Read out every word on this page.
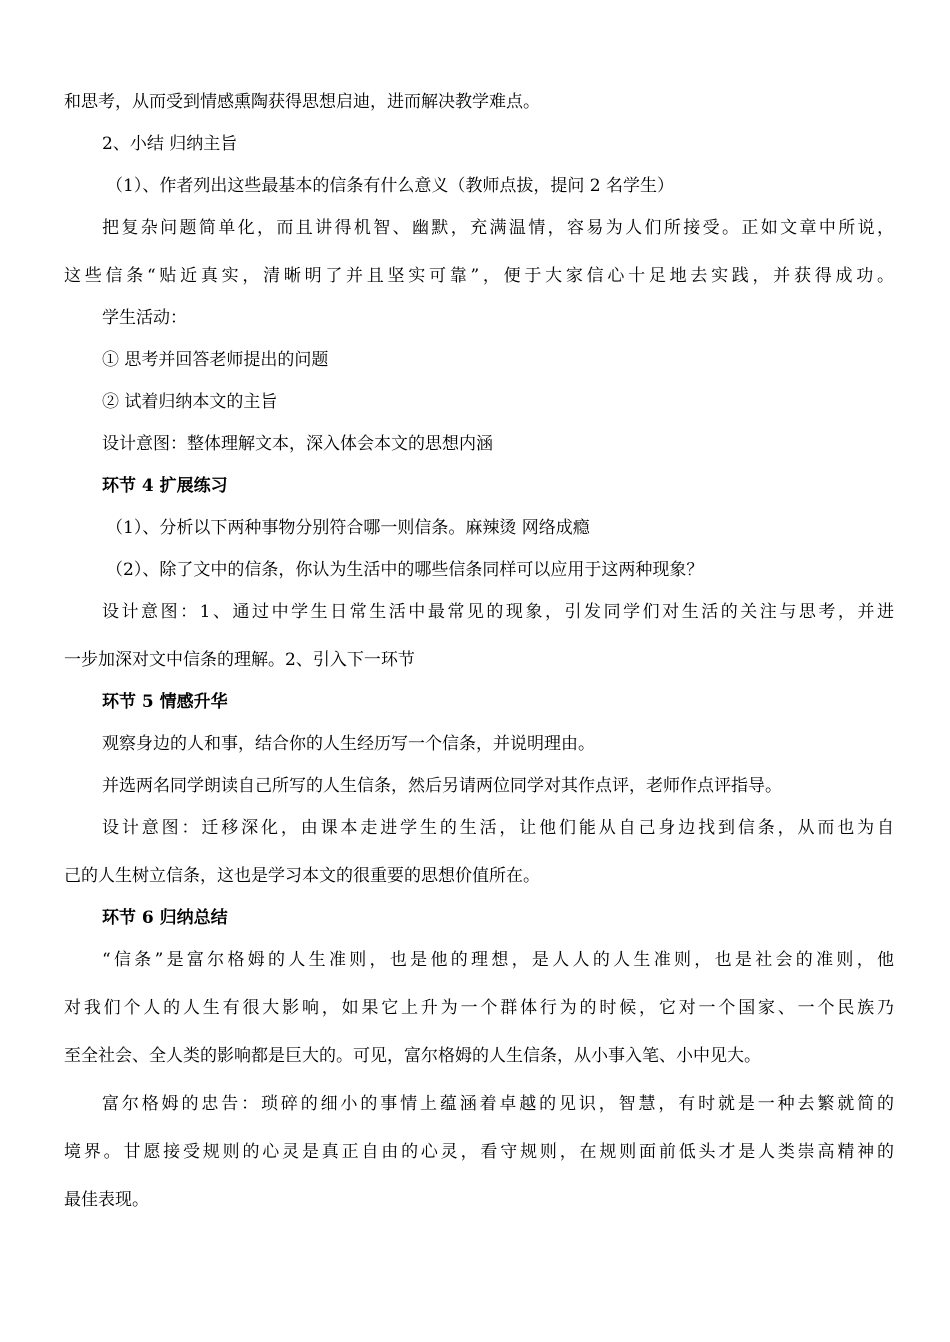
和思考，从而受到情感熏陶获得思想启迪，进而解决教学难点。

2、小结 归纳主旨

（1）、作者列出这些最基本的信条有什么意义（教师点拔，提问 2 名学生）

把复杂问题简单化，而且讲得机智、幽默，充满温情，容易为人们所接受。正如文章中所说，

这些信条“贴近真实，清晰明了并且坚实可靠”，便于大家信心十足地去实践，并获得成功。

学生活动：

① 思考并回答老师提出的问题

② 试着归纳本文的主旨

设计意图：整体理解文本，深入体会本文的思想内涵

环节 4 扩展练习

（1）、分析以下两种事物分别符合哪一则信条。麻辣烫 网络成瘾

（2）、除了文中的信条，你认为生活中的哪些信条同样可以应用于这两种现象？

设计意图：1、通过中学生日常生活中最常见的现象，引发同学们对生活的关注与思考，并进

一步加深对文中信条的理解。2、引入下一环节

环节 5 情感升华

观察身边的人和事，结合你的人生经历写一个信条，并说明理由。

并选两名同学朗读自己所写的人生信条，然后另请两位同学对其作点评，老师作点评指导。

设计意图：迁移深化，由课本走进学生的生活，让他们能从自己身边找到信条，从而也为自

己的人生树立信条，这也是学习本文的很重要的思想价值所在。

环节 6 归纳总结

“信条”是富尔格姆的人生准则，也是他的理想，是人人的人生准则，也是社会的准则，他

对我们个人的人生有很大影响，如果它上升为一个群体行为的时候，它对一个国家、一个民族乃

至全社会、全人类的影响都是巨大的。可见，富尔格姆的人生信条，从小事入笔、小中见大。

富尔格姆的忠告：琐碎的细小的事情上蕴涵着卓越的见识，智慧，有时就是一种去繁就简的

境界。甘愿接受规则的心灵是真正自由的心灵，看守规则，在规则面前低头才是人类崇高精神的

最佳表现。
